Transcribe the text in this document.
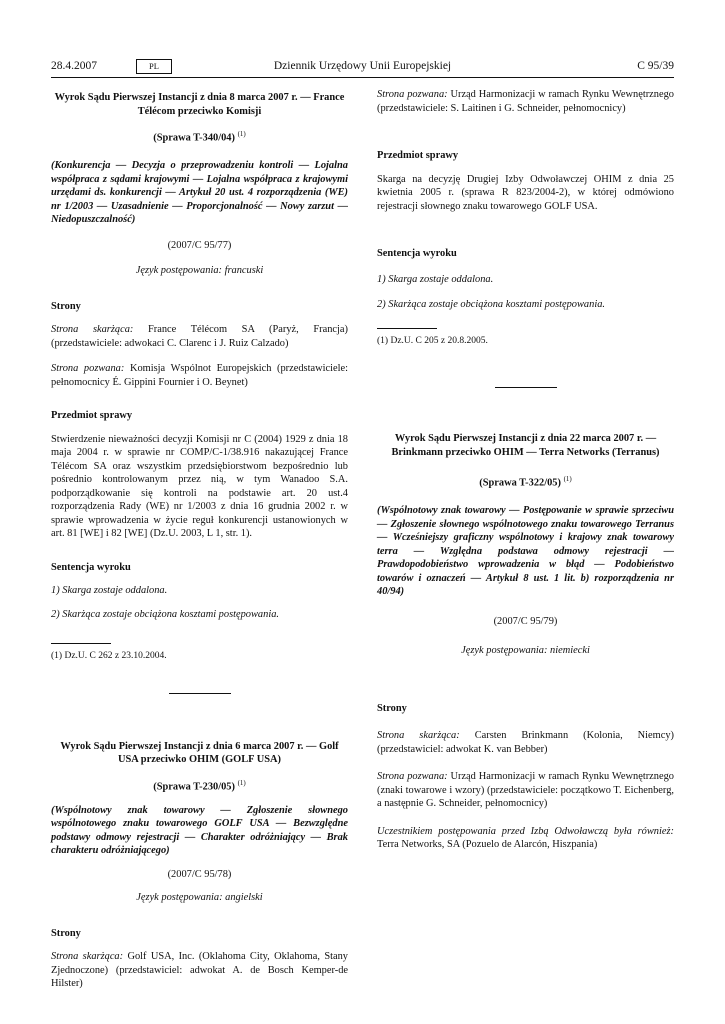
28.4.2007	PL	Dziennik Urzędowy Unii Europejskiej	C 95/39

Wyrok Sądu Pierwszej Instancji z dnia 8 marca 2007 r. — France Télécom przeciwko Komisji

(Sprawa T-340/04) $^{(1)}$

(Konkurencja — Decyzja o przeprowadzeniu kontroli — Lojalna współpraca z sądami krajowymi — Lojalna współpraca z krajowymi urzędami ds. konkurencji — Artykuł 20 ust. 4 rozporządzenia (WE) nr 1/2003 — Uzasadnienie — Proporcjonalność — Nowy zarzut — Niedopuszczalność)

(2007/C 95/77)

Język postępowania: francuski

Strony

Strona skarżąca: France Télécom SA (Paryż, Francja) (przedstawiciele: adwokaci C. Clarenc i J. Ruiz Calzado)

Strona pozwana: Komisja Wspólnot Europejskich (przedstawiciele: pełnomocnicy É. Gippini Fournier i O. Beynet)

Przedmiot sprawy

Stwierdzenie nieważności decyzji Komisji nr C (2004) 1929 z dnia 18 maja 2004 r. w sprawie nr COMP/C-1/38.916 nakazującej France Télécom SA oraz wszystkim przedsiębiorstwom bezpośrednio lub pośrednio kontrolowanym przez nią, w tym Wanadoo S.A. podporządkowanie się kontroli na podstawie art. 20 ust.4 rozporządzenia Rady (WE) nr 1/2003 z dnia 16 grudnia 2002 r. w sprawie wprowadzenia w życie reguł konkurencji ustanowionych w art. 81 [WE] i 82 [WE] (Dz.U. 2003, L 1, str. 1).

Sentencja wyroku

1) Skarga zostaje oddalona.

2) Skarżąca zostaje obciążona kosztami postępowania.

(1) Dz.U. C 262 z 23.10.2004.

Wyrok Sądu Pierwszej Instancji z dnia 6 marca 2007 r. — Golf USA przeciwko OHIM (GOLF USA)

(Sprawa T-230/05) $^{(1)}$

(Wspólnotowy znak towarowy — Zgłoszenie słownego wspólnotowego znaku towarowego GOLF USA — Bezwzględne podstawy odmowy rejestracji — Charakter odróżniający — Brak charakteru odróżniającego)

(2007/C 95/78)

Język postępowania: angielski

Strony

Strona skarżąca: Golf USA, Inc. (Oklahoma City, Oklahoma, Stany Zjednoczone) (przedstawiciel: adwokat A. de Bosch Kemper-de Hilster)

Strona pozwana: Urząd Harmonizacji w ramach Rynku Wewnętrznego (przedstawiciele: S. Laitinen i G. Schneider, pełnomocnicy)

Przedmiot sprawy

Skarga na decyzję Drugiej Izby Odwoławczej OHIM z dnia 25 kwietnia 2005 r. (sprawa R 823/2004-2), w której odmówiono rejestracji słownego znaku towarowego GOLF USA.

Sentencja wyroku

1) Skarga zostaje oddalona.

2) Skarżąca zostaje obciążona kosztami postępowania.

(1) Dz.U. C 205 z 20.8.2005.

Wyrok Sądu Pierwszej Instancji z dnia 22 marca 2007 r. — Brinkmann przeciwko OHIM — Terra Networks (Terranus)

(Sprawa T-322/05) $^{(1)}$

(Wspólnotowy znak towarowy — Postępowanie w sprawie sprzeciwu — Zgłoszenie słownego wspólnotowego znaku towarowego Terranus — Wcześniejszy graficzny wspólnotowy i krajowy znak towarowy terra — Względna podstawa odmowy rejestracji — Prawdopodobieństwo wprowadzenia w błąd — Podobieństwo towarów i oznaczeń — Artykuł 8 ust. 1 lit. b) rozporządzenia nr 40/94)

(2007/C 95/79)

Język postępowania: niemiecki

Strony

Strona skarżąca: Carsten Brinkmann (Kolonia, Niemcy) (przedstawiciel: adwokat K. van Bebber)

Strona pozwana: Urząd Harmonizacji w ramach Rynku Wewnętrznego (znaki towarowe i wzory) (przedstawiciele: początkowo T. Eichenberg, a następnie G. Schneider, pełnomocnicy)

Uczestnikiem postępowania przed Izbą Odwoławczą była również: Terra Networks, SA (Pozuelo de Alarcón, Hiszpania)
